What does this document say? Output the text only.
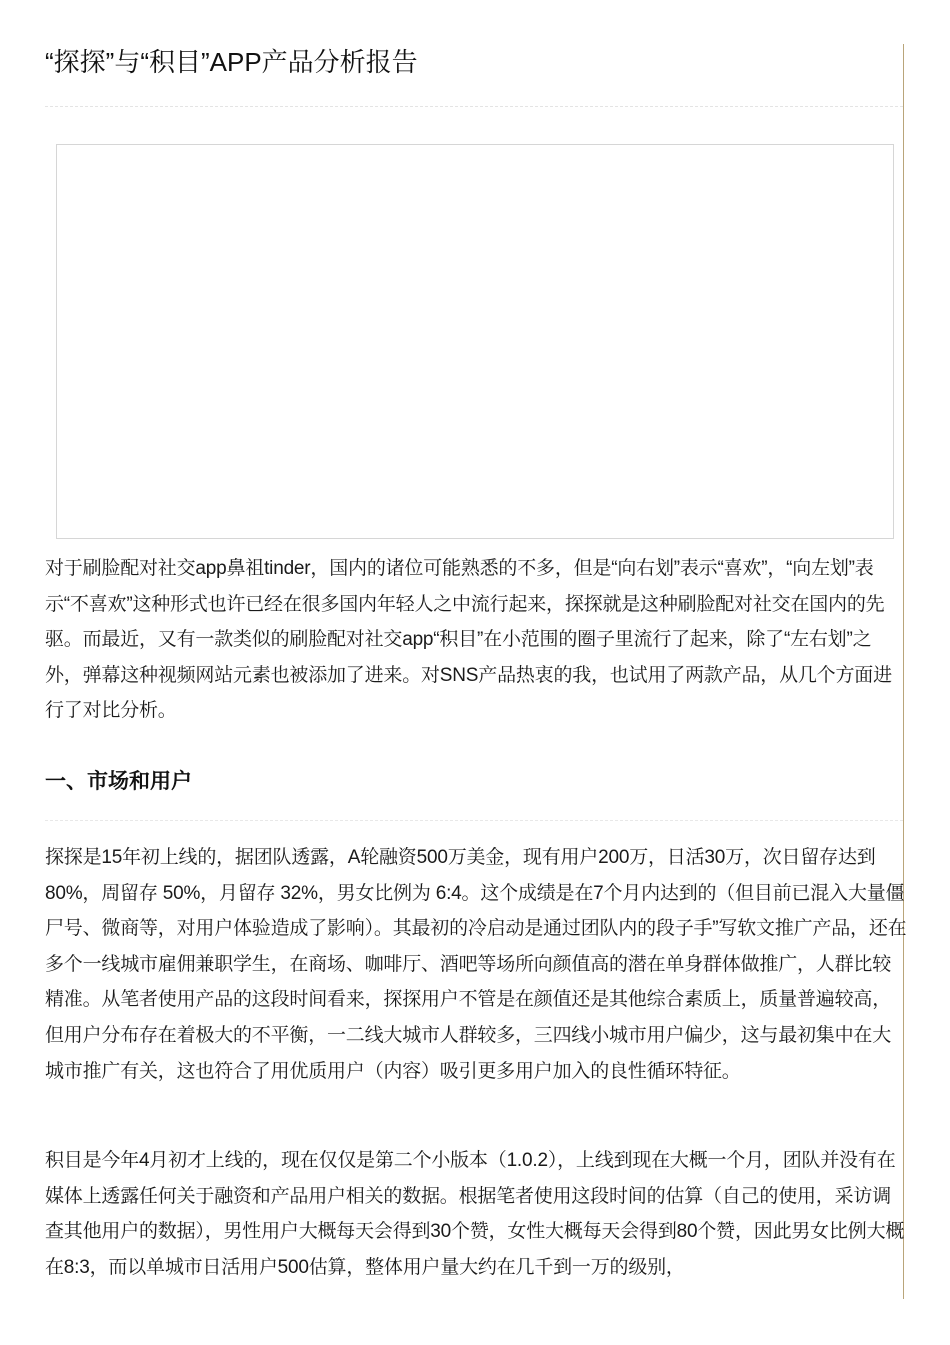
“探探”与“积目”APP产品分析报告

对于刷脸配对社交app鼻祖tinder，国内的诸位可能熟悉的不多，但是“向右划”表示“喜欢”，“向左划”表示“不喜欢”这种形式也许已经在很多国内年轻人之中流行起来，探探就是这种刷脸配对社交在国内的先驱。而最近，又有一款类似的刷脸配对社交app“积目”在小范围的圈子里流行了起来，除了“左右划”之外，弹幕这种视频网站元素也被添加了进来。对SNS产品热衷的我，也试用了两款产品，从几个方面进行了对比分析。

一、市场和用户

探探是15年初上线的，据团队透露，A轮融资500万美金，现有用户200万，日活30万，次日留存达到80%，周留存 50%，月留存 32%，男女比例为 6:4。这个成绩是在7个月内达到的（但目前已混入大量僵尸号、微商等，对用户体验造成了影响）。其最初的冷启动是通过团队内的段子手”写软文推广产品，还在多个一线城市雇佣兼职学生，在商场、咖啡厅、酒吧等场所向颜值高的潜在单身群体做推广，人群比较精准。从笔者使用产品的这段时间看来，探探用户不管是在颜值还是其他综合素质上，质量普遍较高，但用户分布存在着极大的不平衡，一二线大城市人群较多，三四线小城市用户偏少，这与最初集中在大城市推广有关，这也符合了用优质用户（内容）吸引更多用户加入的良性循环特征。

积目是今年4月初才上线的，现在仅仅是第二个小版本（1.0.2），上线到现在大概一个月，团队并没有在媒体上透露任何关于融资和产品用户相关的数据。根据笔者使用这段时间的估算（自己的使用，采访调查其他用户的数据），男性用户大概每天会得到30个赞，女性大概每天会得到80个赞，因此男女比例大概在8:3，而以单城市日活用户500估算，整体用户量大约在几千到一万的级别，
